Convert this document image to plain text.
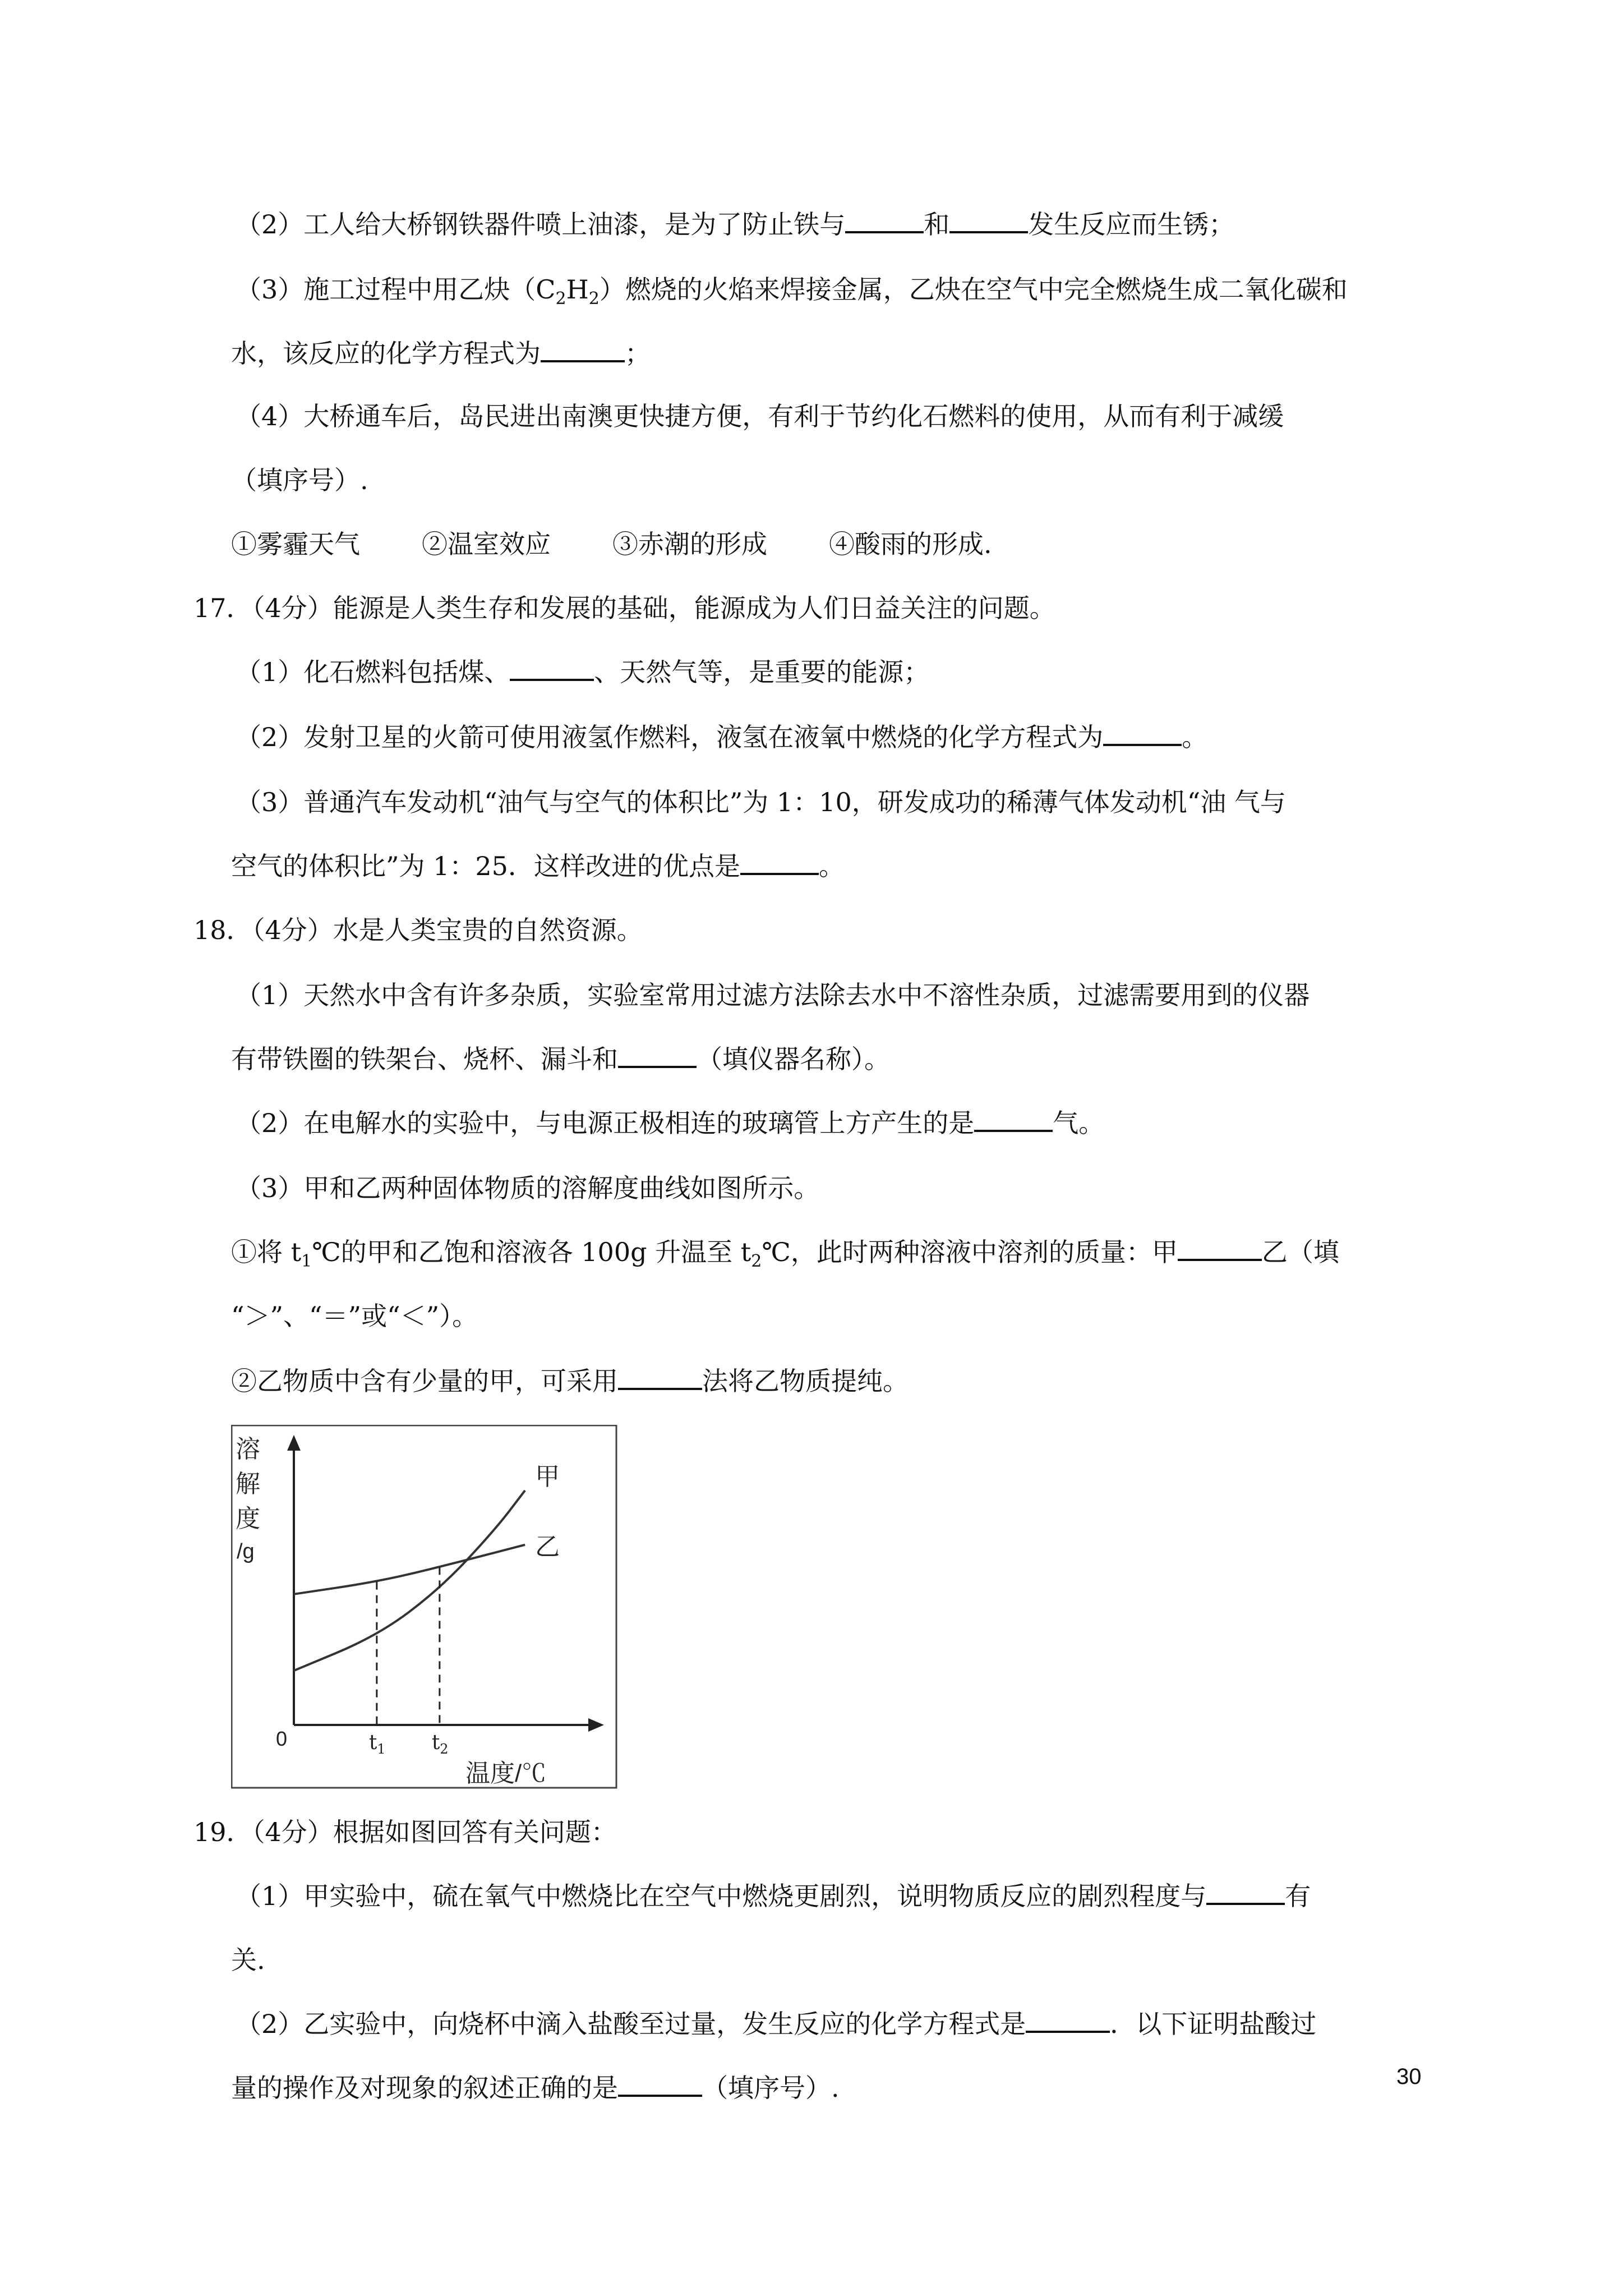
（2）工人给大桥钢铁器件喷上油漆，是为了防止铁与	和	发生反应而生锈；
（3）施工过程中用乙炔$(C_2H_2)$燃烧的火焰来焊接金属，乙炔在空气中完全燃烧生成二氧化碳和
水，该反应的化学方程式为	；
（4）大桥通车后，岛民进出南澳更快捷方便，有利于节约化石燃料的使用，从而有利于减缓
（填序号）.
①雾霾天气 ②温室效应 ③赤潮的形成 ④酸雨的形成.
17．（4分）能源是人类生存和发展的基础，能源成为人们日益关注的问题。
（1）化石燃料包括煤、	、天然气等，是重要的能源；
（2）发射卫星的火箭可使用液氢作燃料，液氢在液氧中燃烧的化学方程式为	。
（3）普通汽车发动机“油气与空气的体积比”为 1：10，研发成功的稀薄气体发动机“油 气与
空气的体积比”为 1：25．这样改进的优点是	。
18．（4分）水是人类宝贵的自然资源。
（1）天然水中含有许多杂质，实验室常用过滤方法除去水中不溶性杂质，过滤需要用到的仪器
有带铁圈的铁架台、烧杯、漏斗和	（填仪器名称）。
（2）在电解水的实验中，与电源正极相连的玻璃管上方产生的是	气。
（3）甲和乙两种固体物质的溶解度曲线如图所示。
①将 $t_1℃$的甲和乙饱和溶液各 100g 升温至 $t_2℃$，此时两种溶液中溶剂的质量：甲	乙（填
“＞”、“＝”或“＜”）。
②乙物质中含有少量的甲，可采用	法将乙物质提纯。
溶
解
度
/g
0
甲
乙
$t_1$ $t_2$
温度/℃
19．（4分）根据如图回答有关问题：
（1）甲实验中，硫在氧气中燃烧比在空气中燃烧更剧烈，说明物质反应的剧烈程度与	有
关.
（2）乙实验中，向烧杯中滴入盐酸至过量，发生反应的化学方程式是	．以下证明盐酸过
量的操作及对现象的叙述正确的是	（填序号）.	30
